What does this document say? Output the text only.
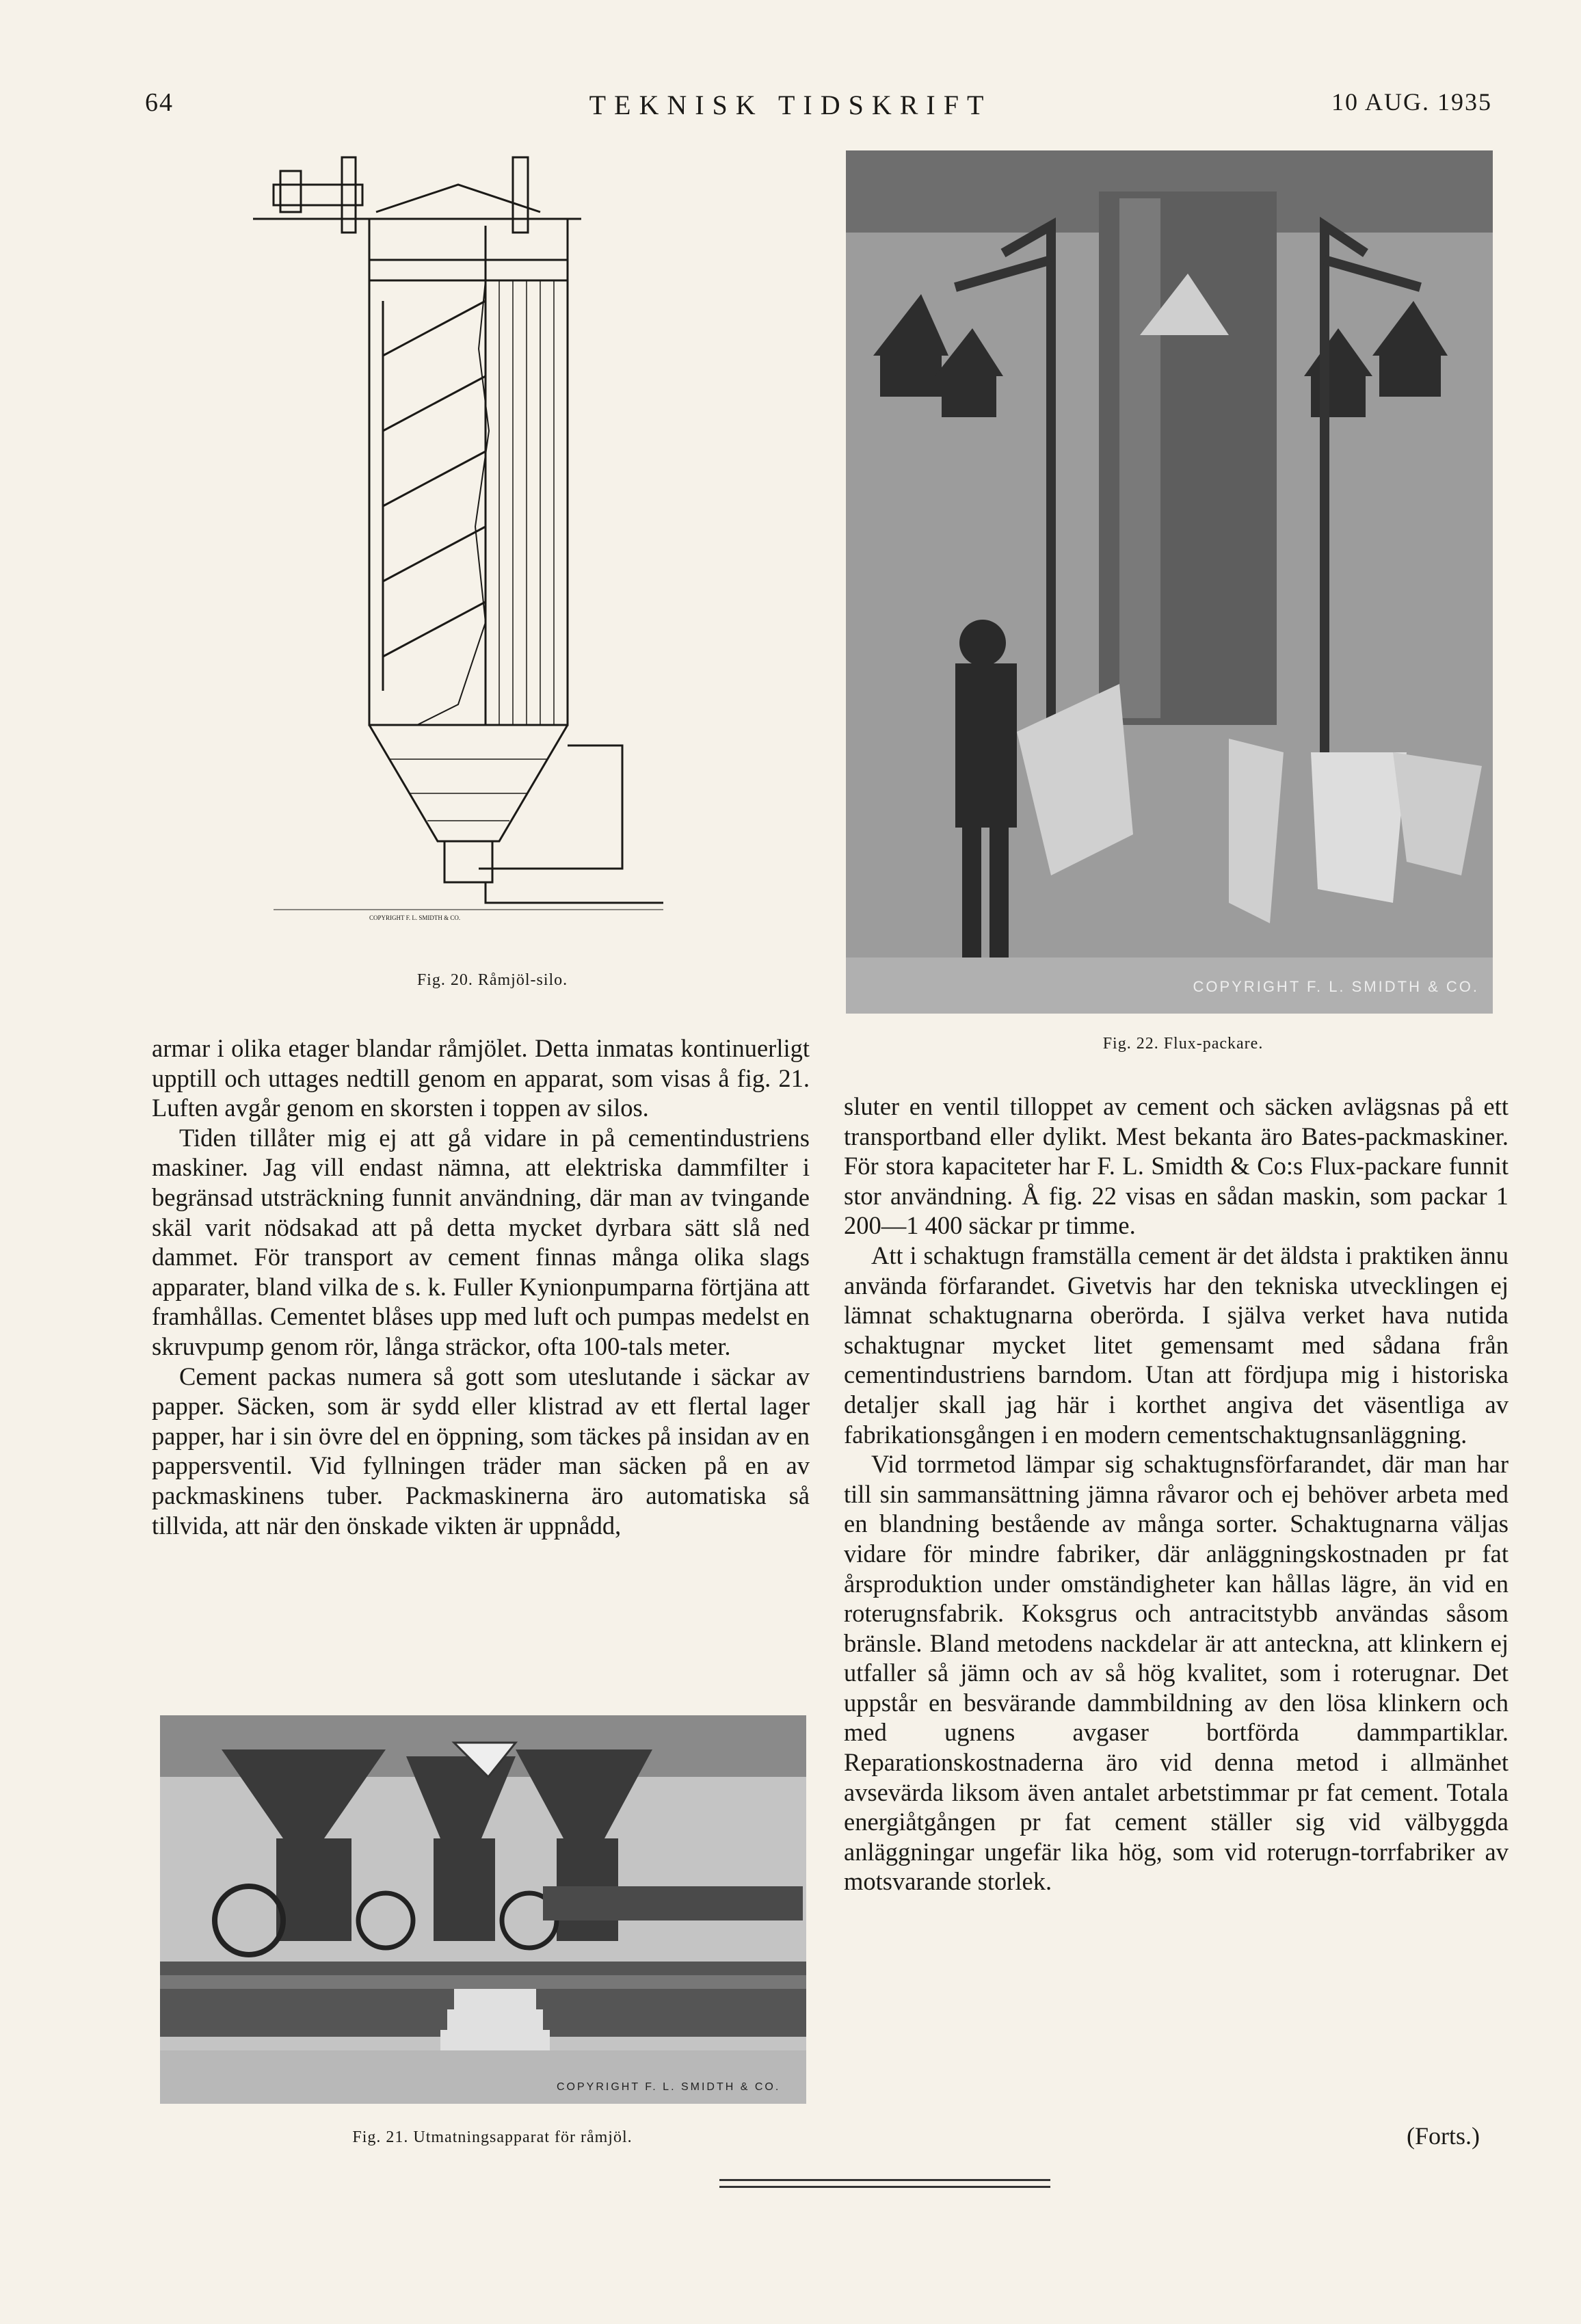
64	TEKNISK TIDSKRIFT	10 AUG. 1935
COPYRIGHT F. L. SMIDTH & CO.
Fig. 20. Råmjöl-silo.	COPYRIGHT F. L. SMIDTH & CO.
Fig. 22. Flux-packare.

armar i olika etager blandar råmjölet. Detta inmatas kontinuerligt upptill och uttages nedtill genom en apparat, som visas å fig. 21. Luften avgår genom en skorsten i toppen av silos.

Tiden tillåter mig ej att gå vidare in på cementindustriens maskiner. Jag vill endast nämna, att elektriska dammfilter i begränsad utsträckning funnit användning, där man av tvingande skäl varit nödsakad att på detta mycket dyrbara sätt slå ned dammet. För transport av cement finnas många olika slags apparater, bland vilka de s. k. Fuller Kynionpumparna förtjäna att framhållas. Cementet blåses upp med luft och pumpas medelst en skruvpump genom rör, långa sträckor, ofta 100-tals meter.

Cement packas numera så gott som uteslutande i säckar av papper. Säcken, som är sydd eller klistrad av ett flertal lager papper, har i sin övre del en öppning, som täckes på insidan av en pappersventil. Vid fyllningen träder man säcken på en av packmaskinens tuber. Packmaskinerna äro automatiska så tillvida, att när den önskade vikten är uppnådd,

sluter en ventil tilloppet av cement och säcken avlägsnas på ett transportband eller dylikt. Mest bekanta äro Bates-packmaskiner. För stora kapaciteter har F. L. Smidth & Co:s Flux-packare funnit stor användning. Å fig. 22 visas en sådan maskin, som packar 1 200—1 400 säckar pr timme.

Att i schaktugn framställa cement är det äldsta i praktiken ännu använda förfarandet. Givetvis har den tekniska utvecklingen ej lämnat schaktugnarna oberörda. I själva verket hava nutida schaktugnar mycket litet gemensamt med sådana från cementindustriens barndom. Utan att fördjupa mig i historiska detaljer skall jag här i korthet angiva det väsentliga av fabrikationsgången i en modern cementschaktugnsanläggning.

Vid torrmetod lämpar sig schaktugnsförfarandet, där man har till sin sammansättning jämna råvaror och ej behöver arbeta med en blandning bestående av många sorter. Schaktugnarna väljas vidare för mindre fabriker, där anläggningskostnaden pr fat årsproduktion under omständigheter kan hållas lägre, än vid en roterugnsfabrik. Koksgrus och antracitstybb användas såsom bränsle. Bland metodens nackdelar är att anteckna, att klinkern ej utfaller så jämn och av så hög kvalitet, som i roterugnar. Det uppstår en besvärande dammbildning av den lösa klinkern och med ugnens avgaser bortförda dammpartiklar. Reparationskostnaderna äro vid denna metod i allmänhet avsevärda liksom även antalet arbetstimmar pr fat cement. Totala energiåtgången pr fat cement ställer sig vid välbyggda anläggningar ungefär lika hög, som vid roterugn-torrfabriker av motsvarande storlek.

COPYRIGHT F. L. SMIDTH & CO.
Fig. 21. Utmatningsapparat för råmjöl.	(Forts.)
